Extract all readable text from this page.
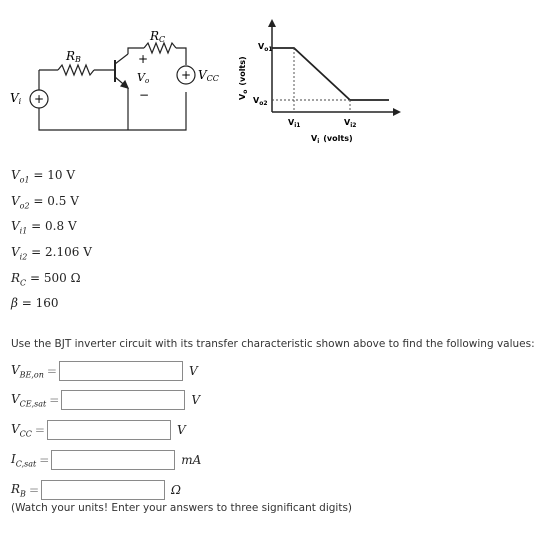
+
+
RB
RC
Vi
VCC
+
Vo
−
$V_{o1}$
$V_{o2}$
$V_{i1}$	$V_{i2}$
$V_i$ (volts)
$V_o(volts)$
$V_{o1} = 10$ V
$V_{o2} = 0.5$ V
$V_{i1} = 0.8$ V
$V_{i2} = 2.106$ V
$R_C = 500$ Ω
β = 160
Use the BJT inverter circuit with its transfer characteristic shown above to find the following values:
$V_{BE,on}$ =	V
$V_{CE,sat}$ =	V
$V_{CC}$ =	V
$I_{C,sat}$ =	mA
$R_B$ =	Ω
(Watch your units! Enter your answers to three significant digits)
